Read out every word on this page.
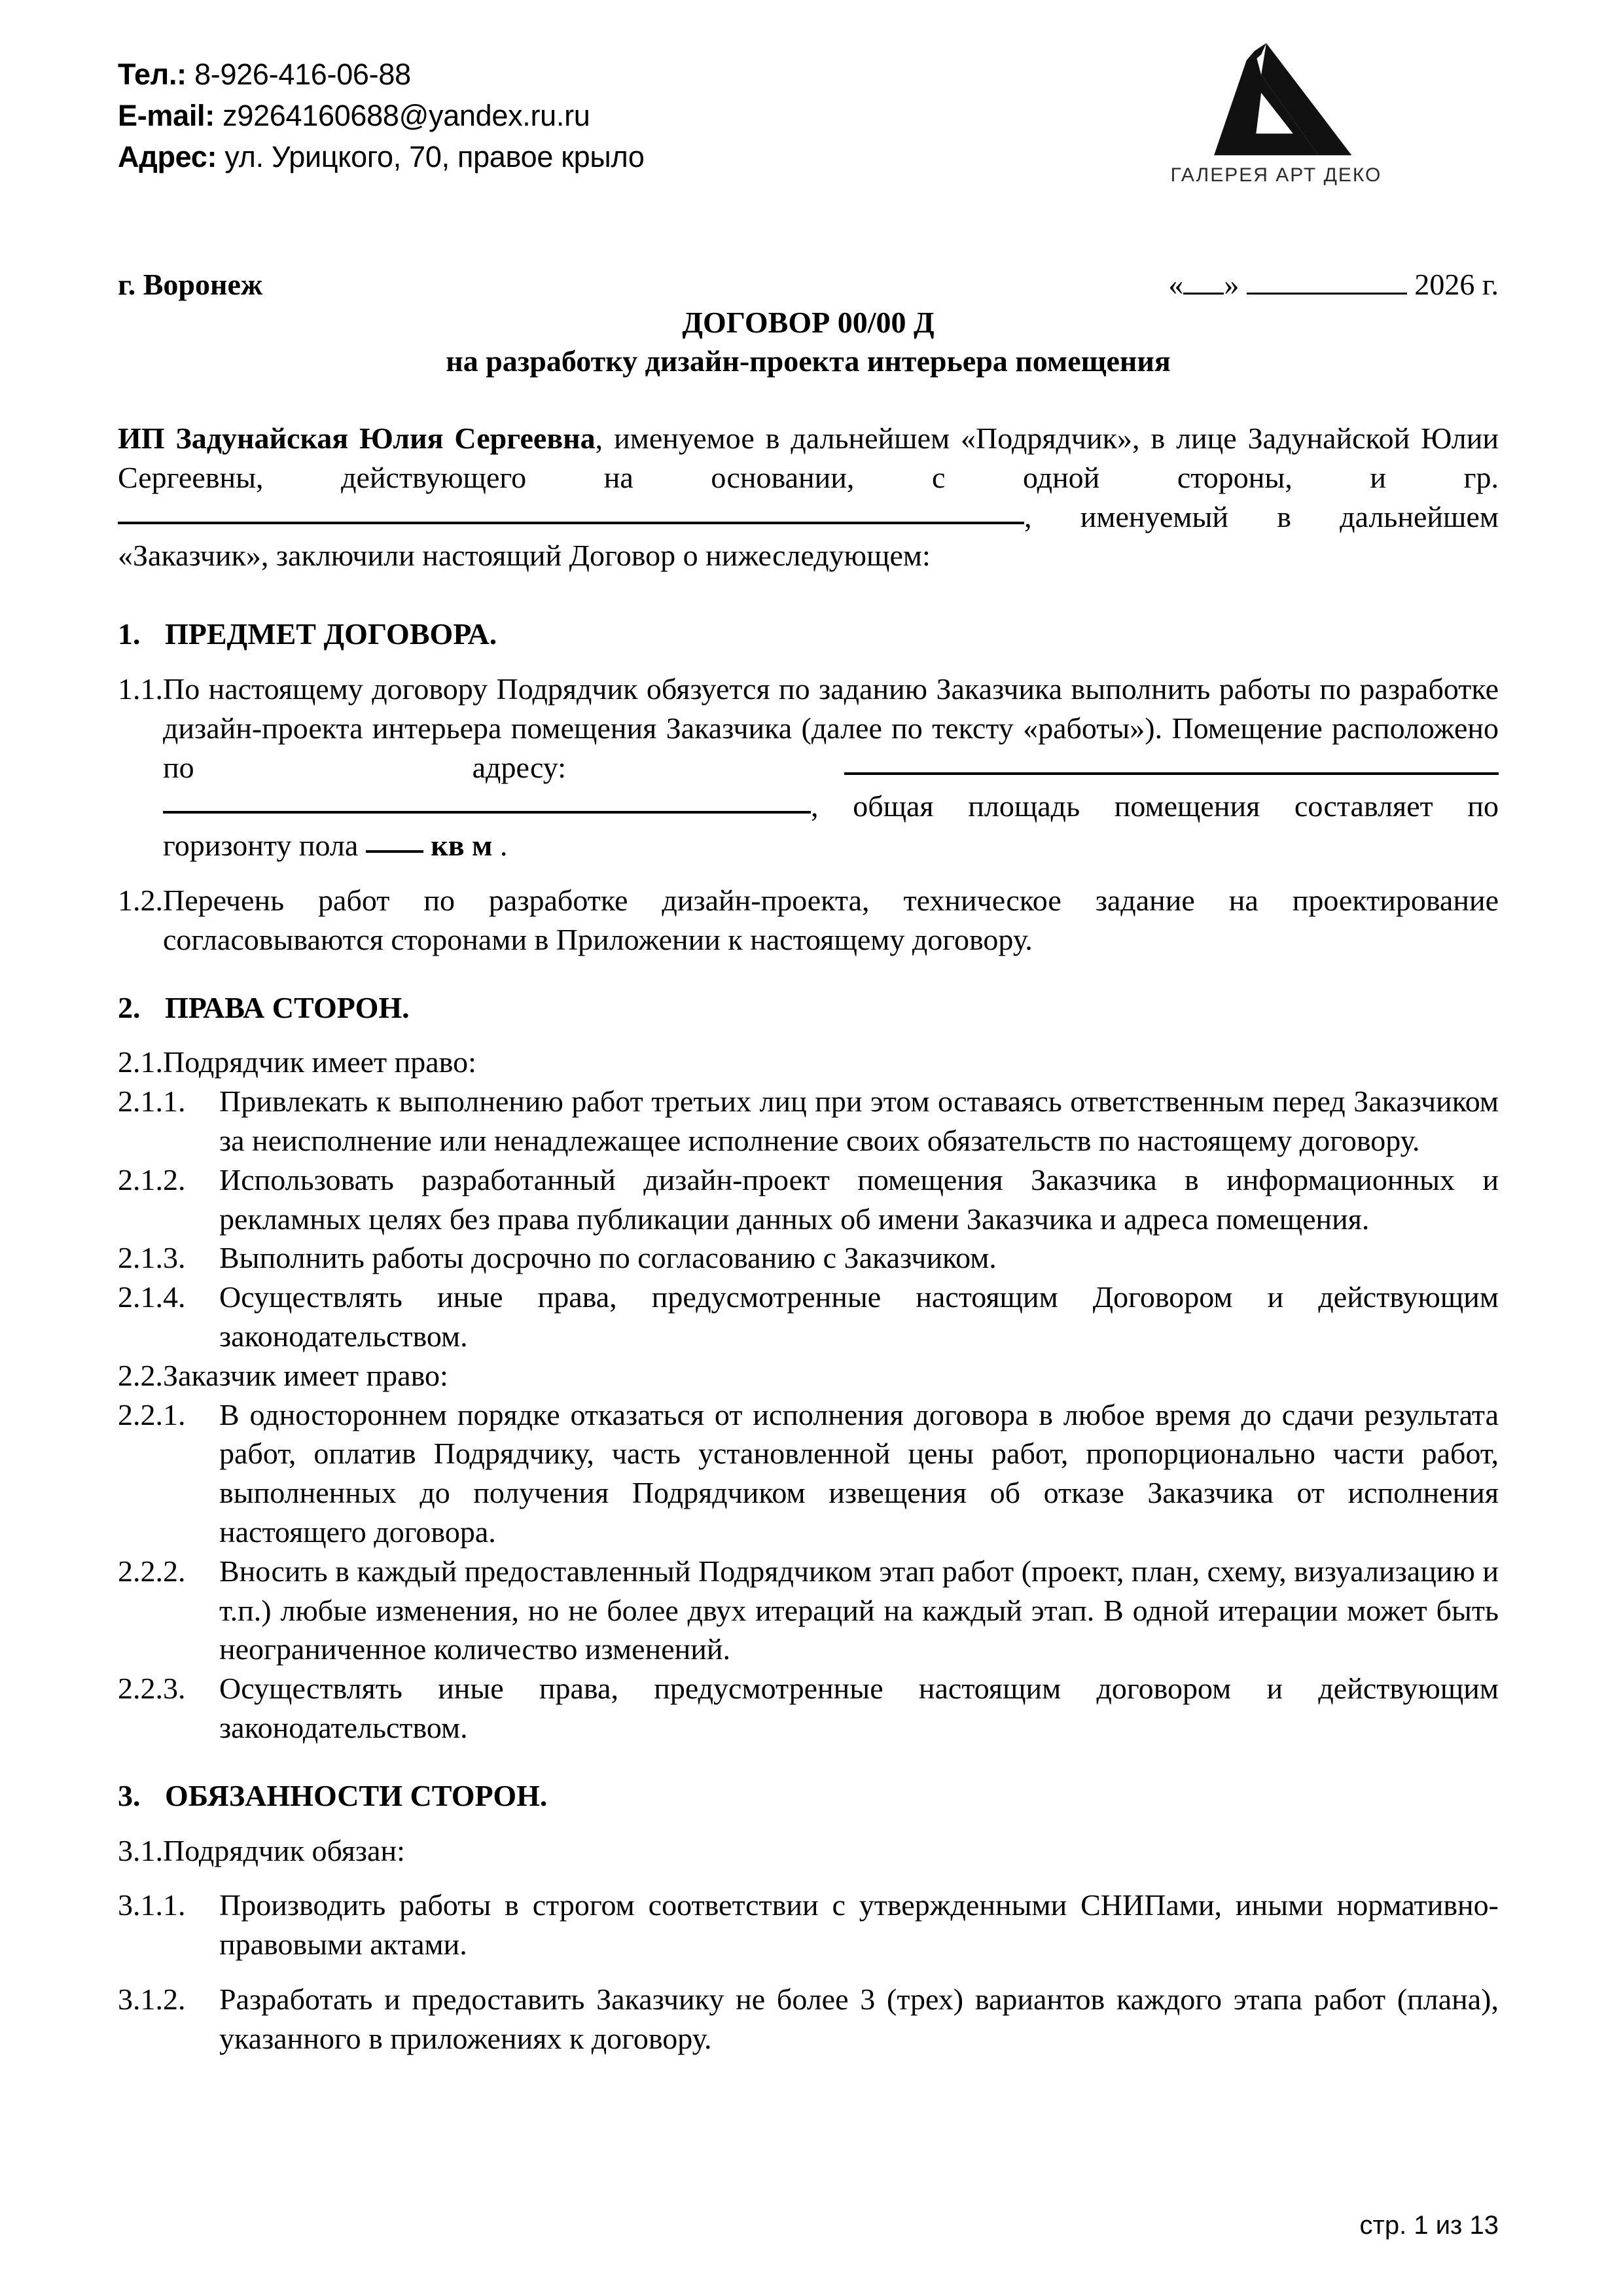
Тел.: 8-926-416-06-88
E-mail: z9264160688@yandex.ru.ru
Адрес: ул. Урицкого, 70, правое крыло
ГАЛЕРЕЯ АРТ ДЕКО
г. Воронеж	« »	2026 г.
ДОГОВОР 00/00 Д
на разработку дизайн-проекта интерьера помещения

ИП Задунайская Юлия Сергеевна, именуемое в дальнейшем «Подрядчик», в лице Задунайской Юлии Сергеевны, действующего на основании, с одной стороны, и гр. , именуемый в дальнейшем «Заказчик», заключили настоящий Договор о нижеследующем:

1. ПРЕДМЕТ ДОГОВОРА.

1.1. По настоящему договору Подрядчик обязуется по заданию Заказчика выполнить работы по разработке дизайн-проекта интерьера помещения Заказчика (далее по тексту «работы»). Помещение расположено по адресу: , общая площадь помещения составляет по горизонту пола кв м .
1.2. Перечень работ по разработке дизайн-проекта, техническое задание на проектирование согласовываются сторонами в Приложении к настоящему договору.

2. ПРАВА СТОРОН.

2.1. Подрядчик имеет право:
2.1.1.	Привлекать к выполнению работ третьих лиц при этом оставаясь ответственным перед Заказчиком за неисполнение или ненадлежащее исполнение своих обязательств по настоящему договору.
2.1.2.	Использовать разработанный дизайн-проект помещения Заказчика в информационных и рекламных целях без права публикации данных об имени Заказчика и адреса помещения.
2.1.3.	Выполнить работы досрочно по согласованию с Заказчиком.
2.1.4.	Осуществлять иные права, предусмотренные настоящим Договором и действующим законодательством.
2.2. Заказчик имеет право:
2.2.1.	В одностороннем порядке отказаться от исполнения договора в любое время до сдачи результата работ, оплатив Подрядчику, часть установленной цены работ, пропорционально части работ, выполненных до получения Подрядчиком извещения об отказе Заказчика от исполнения настоящего договора.
2.2.2.	Вносить в каждый предоставленный Подрядчиком этап работ (проект, план, схему, визуализацию и т.п.) любые изменения, но не более двух итераций на каждый этап. В одной итерации может быть неограниченное количество изменений.
2.2.3.	Осуществлять иные права, предусмотренные настоящим договором и действующим законодательством.

3. ОБЯЗАННОСТИ СТОРОН.

3.1. Подрядчик обязан:
3.1.1.	Производить работы в строгом соответствии с утвержденными СНИПами, иными нормативно-правовыми актами.
3.1.2.	Разработать и предоставить Заказчику не более 3 (трех) вариантов каждого этапа работ (плана), указанного в приложениях к договору.
стр. 1 из 13
